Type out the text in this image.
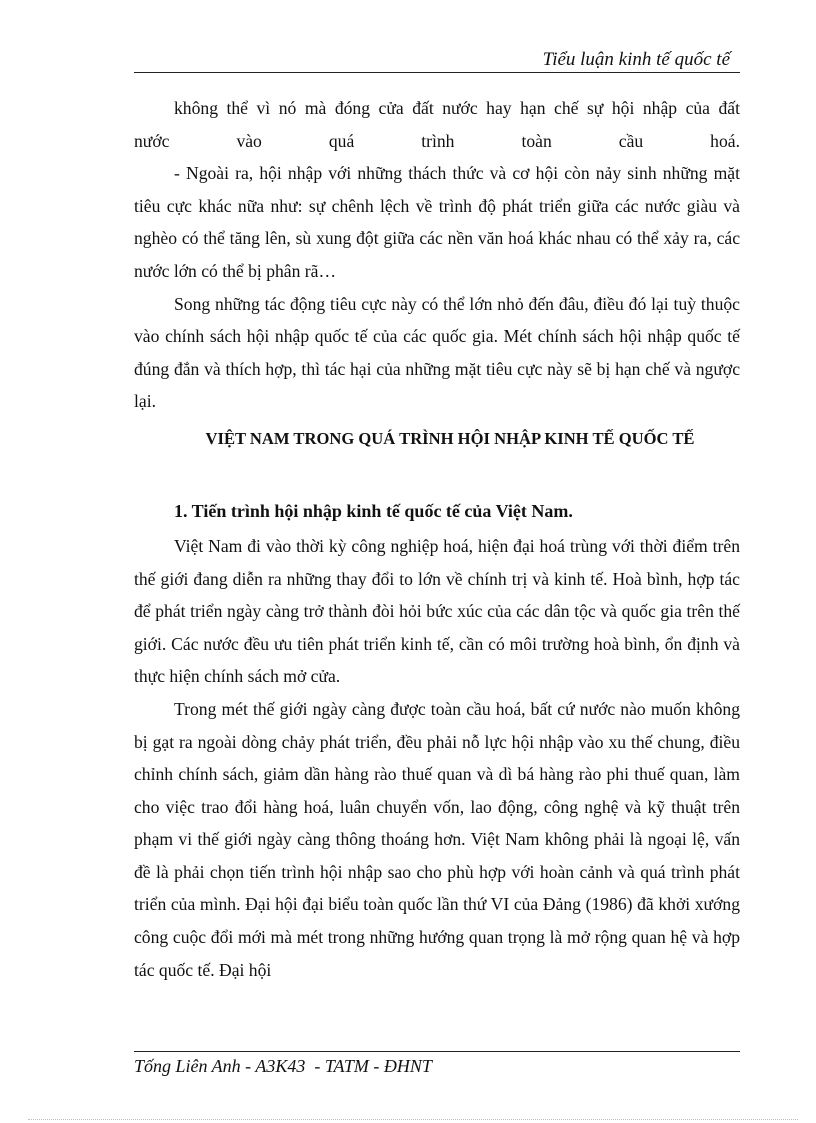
Tiểu luận kinh tế quốc tế

không thể vì nó mà đóng cửa đất nước hay hạn chế sự hội nhập của đất

nước vào quá trình toàn cầu hoá.

- Ngoài ra, hội nhập với những thách thức và cơ hội còn nảy sinh những mặt tiêu cực khác nữa như: sự chênh lệch về trình độ phát triển giữa các nước giàu và nghèo có thể tăng lên, sù xung đột giữa các nền văn hoá khác nhau có thể xảy ra, các nước lớn có thể bị phân rã…

Song những tác động tiêu cực này có thể lớn nhỏ đến đâu, điều đó lại tuỳ thuộc vào chính sách hội nhập quốc tế của các quốc gia. Mét chính sách hội nhập quốc tế đúng đắn và thích hợp, thì tác hại của những mặt tiêu cực này sẽ bị hạn chế và ngược lại.

VIỆT NAM TRONG QUÁ TRÌNH HỘI NHẬP KINH TẾ QUỐC TẾ

1. Tiến trình hội nhập kinh tế quốc tế của Việt Nam.

Việt Nam đi vào thời kỳ công nghiệp hoá, hiện đại hoá trùng với thời điểm trên thế giới đang diễn ra những thay đổi to lớn về chính trị và kinh tế. Hoà bình, hợp tác để phát triển ngày càng trở thành đòi hỏi bức xúc của các dân tộc và quốc gia trên thế giới. Các nước đều ưu tiên phát triển kinh tế, cần có môi trường hoà bình, ổn định và thực hiện chính sách mở cửa.

Trong mét thế giới ngày càng được toàn cầu hoá, bất cứ nước nào muốn không bị gạt ra ngoài dòng chảy phát triển, đều phải nỗ lực hội nhập vào xu thế chung, điều chỉnh chính sách, giảm dần hàng rào thuế quan và dì bá hàng rào phi thuế quan, làm cho việc trao đổi hàng hoá, luân chuyển vốn, lao động, công nghệ và kỹ thuật trên phạm vi thế giới ngày càng thông thoáng hơn. Việt Nam không phải là ngoại lệ, vấn đề là phải chọn tiến trình hội nhập sao cho phù hợp với hoàn cảnh và quá trình phát triển của mình. Đại hội đại biểu toàn quốc lần thứ VI của Đảng (1986) đã khởi xướng công cuộc đổi mới mà mét trong những hướng quan trọng là mở rộng quan hệ và hợp tác quốc tế. Đại hội

Tống Liên Anh - A3K43  - TATM - ĐHNT
